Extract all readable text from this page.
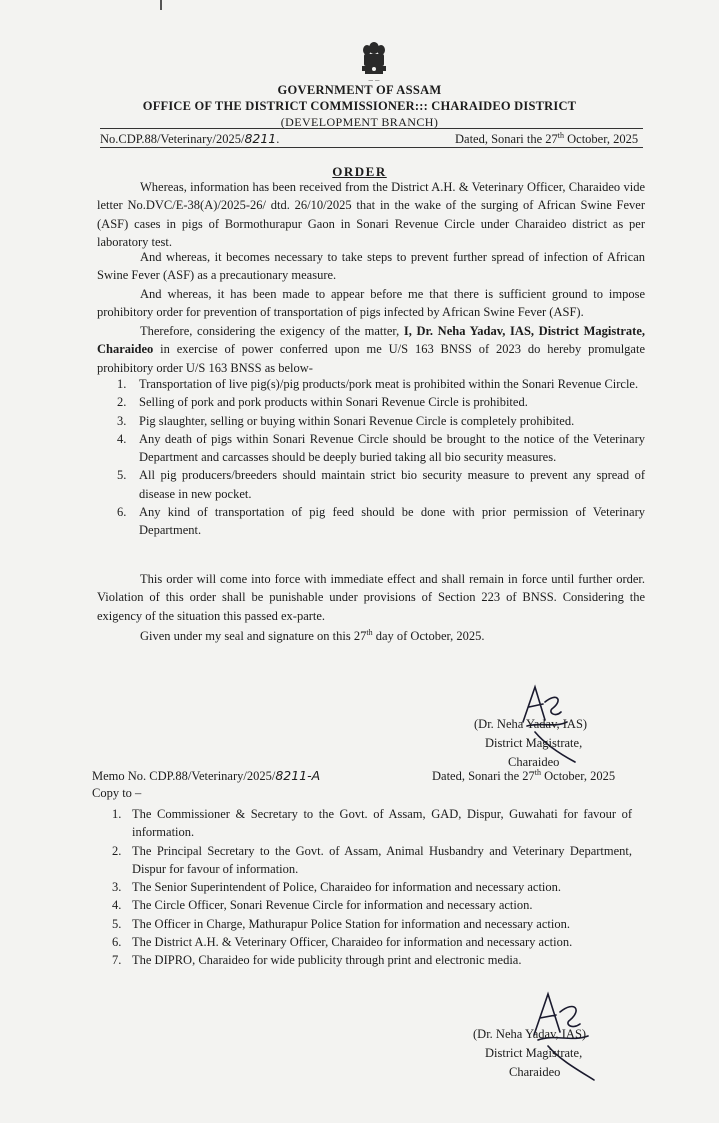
— —
GOVERNMENT OF ASSAM
OFFICE OF THE DISTRICT COMMISSIONER::: CHARAIDEO DISTRICT
(DEVELOPMENT BRANCH)
No.CDP.88/Veterinary/2025/8211.	Dated, Sonari the 27th October, 2025
ORDER
Whereas, information has been received from the District A.H. & Veterinary Officer, Charaideo vide letter No.DVC/E-38(A)/2025-26/ dtd. 26/10/2025 that in the wake of the surging of African Swine Fever (ASF) cases in pigs of Bormothurapur Gaon in Sonari Revenue Circle under Charaideo district as per laboratory test.
And whereas, it becomes necessary to take steps to prevent further spread of infection of African Swine Fever (ASF) as a precautionary measure.
And whereas, it has been made to appear before me that there is sufficient ground to impose prohibitory order for prevention of transportation of pigs infected by African Swine Fever (ASF).
Therefore, considering the exigency of the matter, I, Dr. Neha Yadav, IAS, District Magistrate, Charaideo in exercise of power conferred upon me U/S 163 BNSS of 2023 do hereby promulgate prohibitory order U/S 163 BNSS as below-
1. Transportation of live pig(s)/pig products/pork meat is prohibited within the Sonari Revenue Circle.
2. Selling of pork and pork products within Sonari Revenue Circle is prohibited.
3. Pig slaughter, selling or buying within Sonari Revenue Circle is completely prohibited.
4. Any death of pigs within Sonari Revenue Circle should be brought to the notice of the Veterinary Department and carcasses should be deeply buried taking all bio security measures.
5. All pig producers/breeders should maintain strict bio security measure to prevent any spread of disease in new pocket.
6. Any kind of transportation of pig feed should be done with prior permission of Veterinary Department.
This order will come into force with immediate effect and shall remain in force until further order. Violation of this order shall be punishable under provisions of Section 223 of BNSS. Considering the exigency of the situation this passed ex-parte.
Given under my seal and signature on this 27th day of October, 2025.
(Dr. Neha Yadav, IAS)
District Magistrate,
Charaideo
Memo No. CDP.88/Veterinary/2025/8211-A	Dated, Sonari the 27th October, 2025
Copy to –
1. The Commissioner & Secretary to the Govt. of Assam, GAD, Dispur, Guwahati for favour of information.
2. The Principal Secretary to the Govt. of Assam, Animal Husbandry and Veterinary Department, Dispur for favour of information.
3. The Senior Superintendent of Police, Charaideo for information and necessary action.
4. The Circle Officer, Sonari Revenue Circle for information and necessary action.
5. The Officer in Charge, Mathurapur Police Station for information and necessary action.
6. The District A.H. & Veterinary Officer, Charaideo for information and necessary action.
7. The DIPRO, Charaideo for wide publicity through print and electronic media.
(Dr. Neha Yadav, IAS)
District Magistrate,
Charaideo
